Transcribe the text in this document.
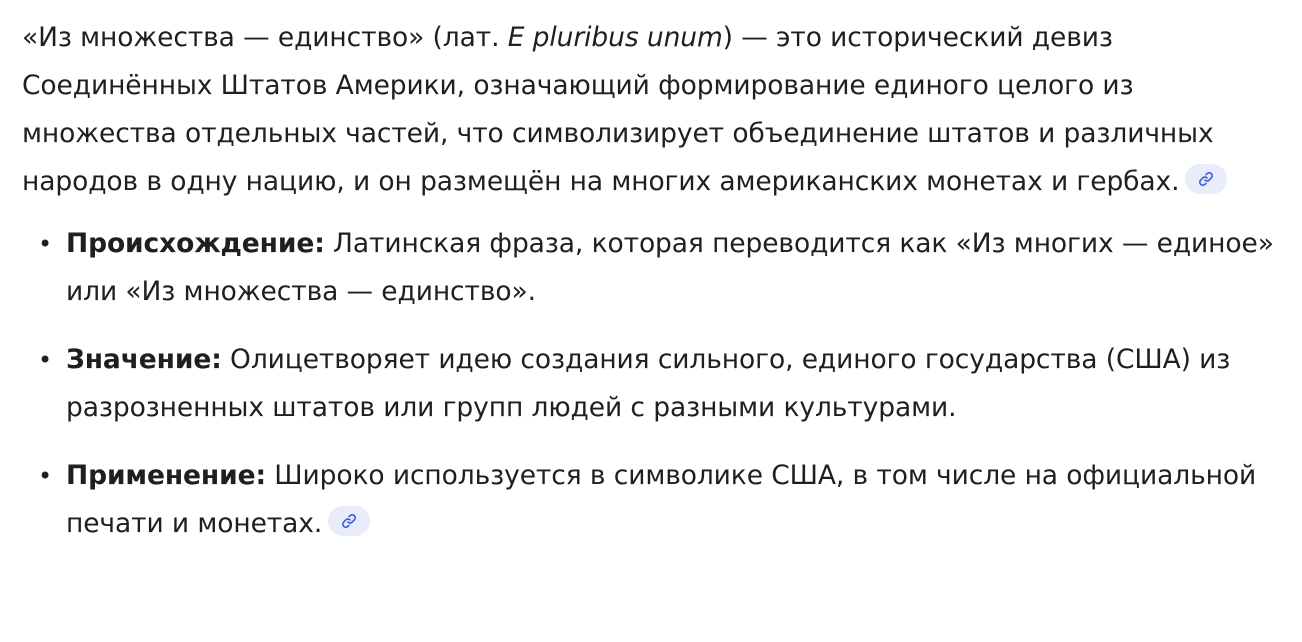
«Из множества — единство» (лат. E pluribus unum) — это исторический девиз Соединённых Штатов Америки, означающий формирование единого целого из множества отдельных частей, что символизирует объединение штатов и различных народов в одну нацию, и он размещён на многих американских монетах и гербах.

• Происхождение: Латинская фраза, которая переводится как «Из многих — единое» или «Из множества — единство».
• Значение: Олицетворяет идею создания сильного, единого государства (США) из разрозненных штатов или групп людей с разными культурами.
• Применение: Широко используется в символике США, в том числе на официальной печати и монетах.
